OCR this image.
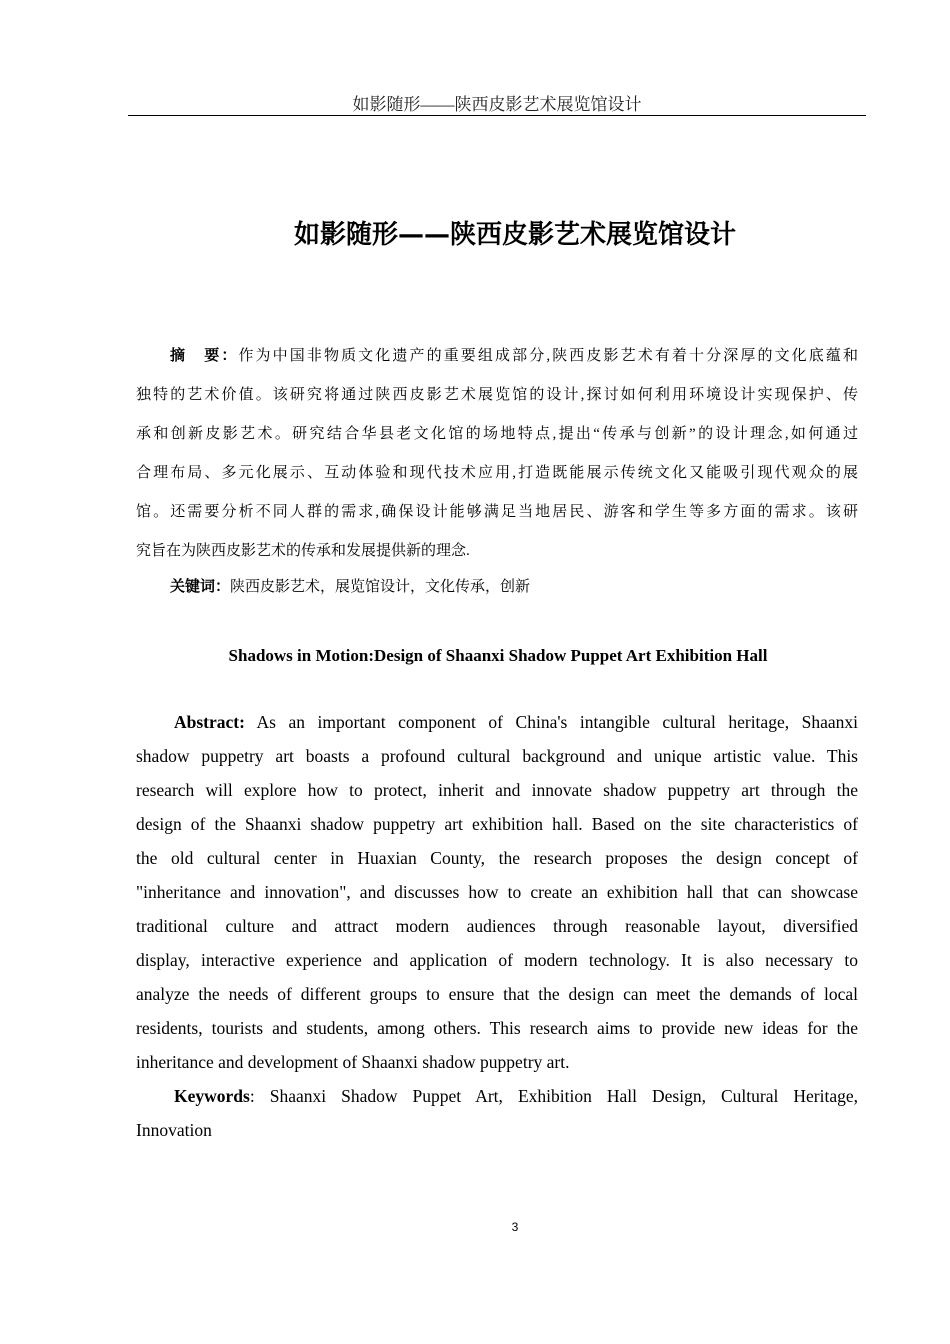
如影随形——陕西皮影艺术展览馆设计
如影随形——陕西皮影艺术展览馆设计
摘　要：作为中国非物质文化遗产的重要组成部分,陕西皮影艺术有着十分深厚的文化底蕴和
独特的艺术价值。该研究将通过陕西皮影艺术展览馆的设计,探讨如何利用环境设计实现保护、传
承和创新皮影艺术。研究结合华县老文化馆的场地特点,提出“传承与创新”的设计理念,如何通过
合理布局、多元化展示、互动体验和现代技术应用,打造既能展示传统文化又能吸引现代观众的展
馆。还需要分析不同人群的需求,确保设计能够满足当地居民、游客和学生等多方面的需求。该研
究旨在为陕西皮影艺术的传承和发展提供新的理念.
关键词：陕西皮影艺术，展览馆设计，文化传承，创新
Shadows in Motion:Design of Shaanxi Shadow Puppet Art Exhibition Hall
Abstract: As an important component of China's intangible cultural heritage, Shaanxi
shadow puppetry art boasts a profound cultural background and unique artistic value. This
research will explore how to protect, inherit and innovate shadow puppetry art through the
design of the Shaanxi shadow puppetry art exhibition hall. Based on the site characteristics of
the old cultural center in Huaxian County, the research proposes the design concept of
"inheritance and innovation", and discusses how to create an exhibition hall that can showcase
traditional culture and attract modern audiences through reasonable layout, diversified
display, interactive experience and application of modern technology. It is also necessary to
analyze the needs of different groups to ensure that the design can meet the demands of local
residents, tourists and students, among others. This research aims to provide new ideas for the
inheritance and development of Shaanxi shadow puppetry art.
Keywords: Shaanxi Shadow Puppet Art, Exhibition Hall Design, Cultural Heritage,
Innovation
3
